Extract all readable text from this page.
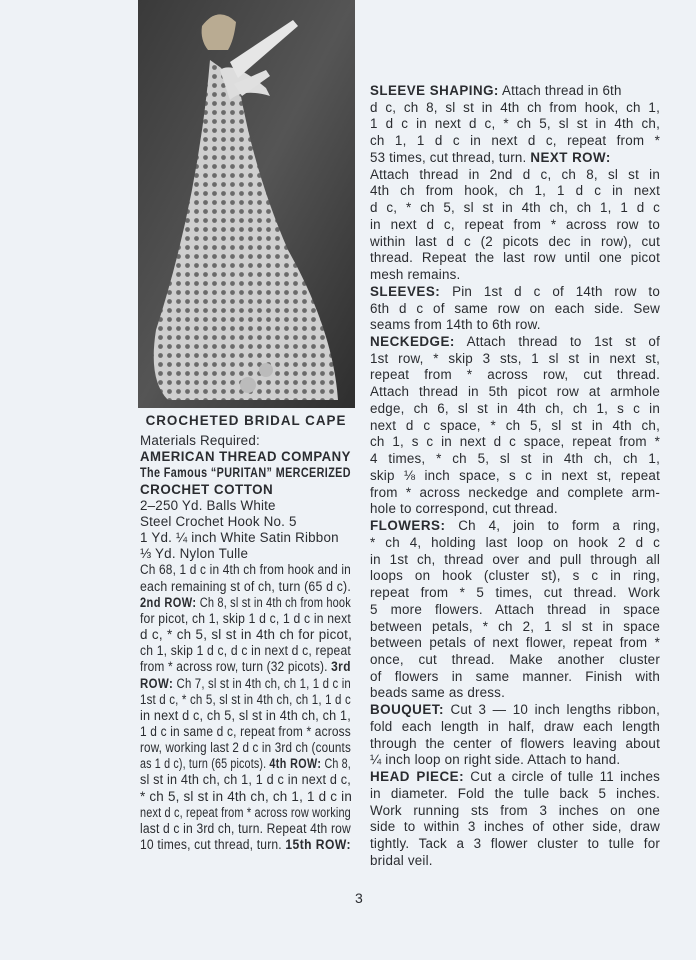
CROCHETED BRIDAL CAPE
Materials Required:
AMERICAN THREAD COMPANY
The Famous “PURITAN” MERCERIZED
CROCHET COTTON
2–250 Yd. Balls White
Steel Crochet Hook No. 5
1 Yd. ¼ inch White Satin Ribbon
⅓ Yd. Nylon Tulle
Ch 68, 1 d c in 4th ch from hook and in
each remaining st of ch, turn (65 d c).
2nd ROW: Ch 8, sl st in 4th ch from hook
for picot, ch 1, skip 1 d c, 1 d c in next
d c, * ch 5, sl st in 4th ch for picot,
ch 1, skip 1 d c, d c in next d c, repeat
from * across row, turn (32 picots). 3rd
ROW: Ch 7, sl st in 4th ch, ch 1, 1 d c in
1st d c, * ch 5, sl st in 4th ch, ch 1, 1 d c
in next d c, ch 5, sl st in 4th ch, ch 1,
1 d c in same d c, repeat from * across
row, working last 2 d c in 3rd ch (counts
as 1 d c), turn (65 picots). 4th ROW: Ch 8,
sl st in 4th ch, ch 1, 1 d c in next d c,
* ch 5, sl st in 4th ch, ch 1, 1 d c in
next d c, repeat from * across row working
last d c in 3rd ch, turn. Repeat 4th row
10 times, cut thread, turn. 15th ROW:
SLEEVE SHAPING: Attach thread in 6th
d c, ch 8, sl st in 4th ch from hook, ch 1,
1 d c in next d c, * ch 5, sl st in 4th ch,
ch 1, 1 d c in next d c, repeat from *
53 times, cut thread, turn. NEXT ROW:
Attach thread in 2nd d c, ch 8, sl st in
4th ch from hook, ch 1, 1 d c in next
d c, * ch 5, sl st in 4th ch, ch 1, 1 d c
in next d c, repeat from * across row to
within last d c (2 picots dec in row), cut
thread. Repeat the last row until one picot
mesh remains.
SLEEVES: Pin 1st d c of 14th row to
6th d c of same row on each side. Sew
seams from 14th to 6th row.
NECKEDGE: Attach thread to 1st st of
1st row, * skip 3 sts, 1 sl st in next st,
repeat from * across row, cut thread.
Attach thread in 5th picot row at armhole
edge, ch 6, sl st in 4th ch, ch 1, s c in
next d c space, * ch 5, sl st in 4th ch,
ch 1, s c in next d c space, repeat from *
4 times, * ch 5, sl st in 4th ch, ch 1,
skip ⅛ inch space, s c in next st, repeat
from * across neckedge and complete arm-
hole to correspond, cut thread.
FLOWERS: Ch 4, join to form a ring,
* ch 4, holding last loop on hook 2 d c
in 1st ch, thread over and pull through all
loops on hook (cluster st), s c in ring,
repeat from * 5 times, cut thread. Work
5 more flowers. Attach thread in space
between petals, * ch 2, 1 sl st in space
between petals of next flower, repeat from *
once, cut thread. Make another cluster
of flowers in same manner. Finish with
beads same as dress.
BOUQUET: Cut 3 — 10 inch lengths ribbon,
fold each length in half, draw each length
through the center of flowers leaving about
¼ inch loop on right side. Attach to hand.
HEAD PIECE: Cut a circle of tulle 11 inches
in diameter. Fold the tulle back 5 inches.
Work running sts from 3 inches on one
side to within 3 inches of other side, draw
tightly. Tack a 3 flower cluster to tulle for
bridal veil.
3
